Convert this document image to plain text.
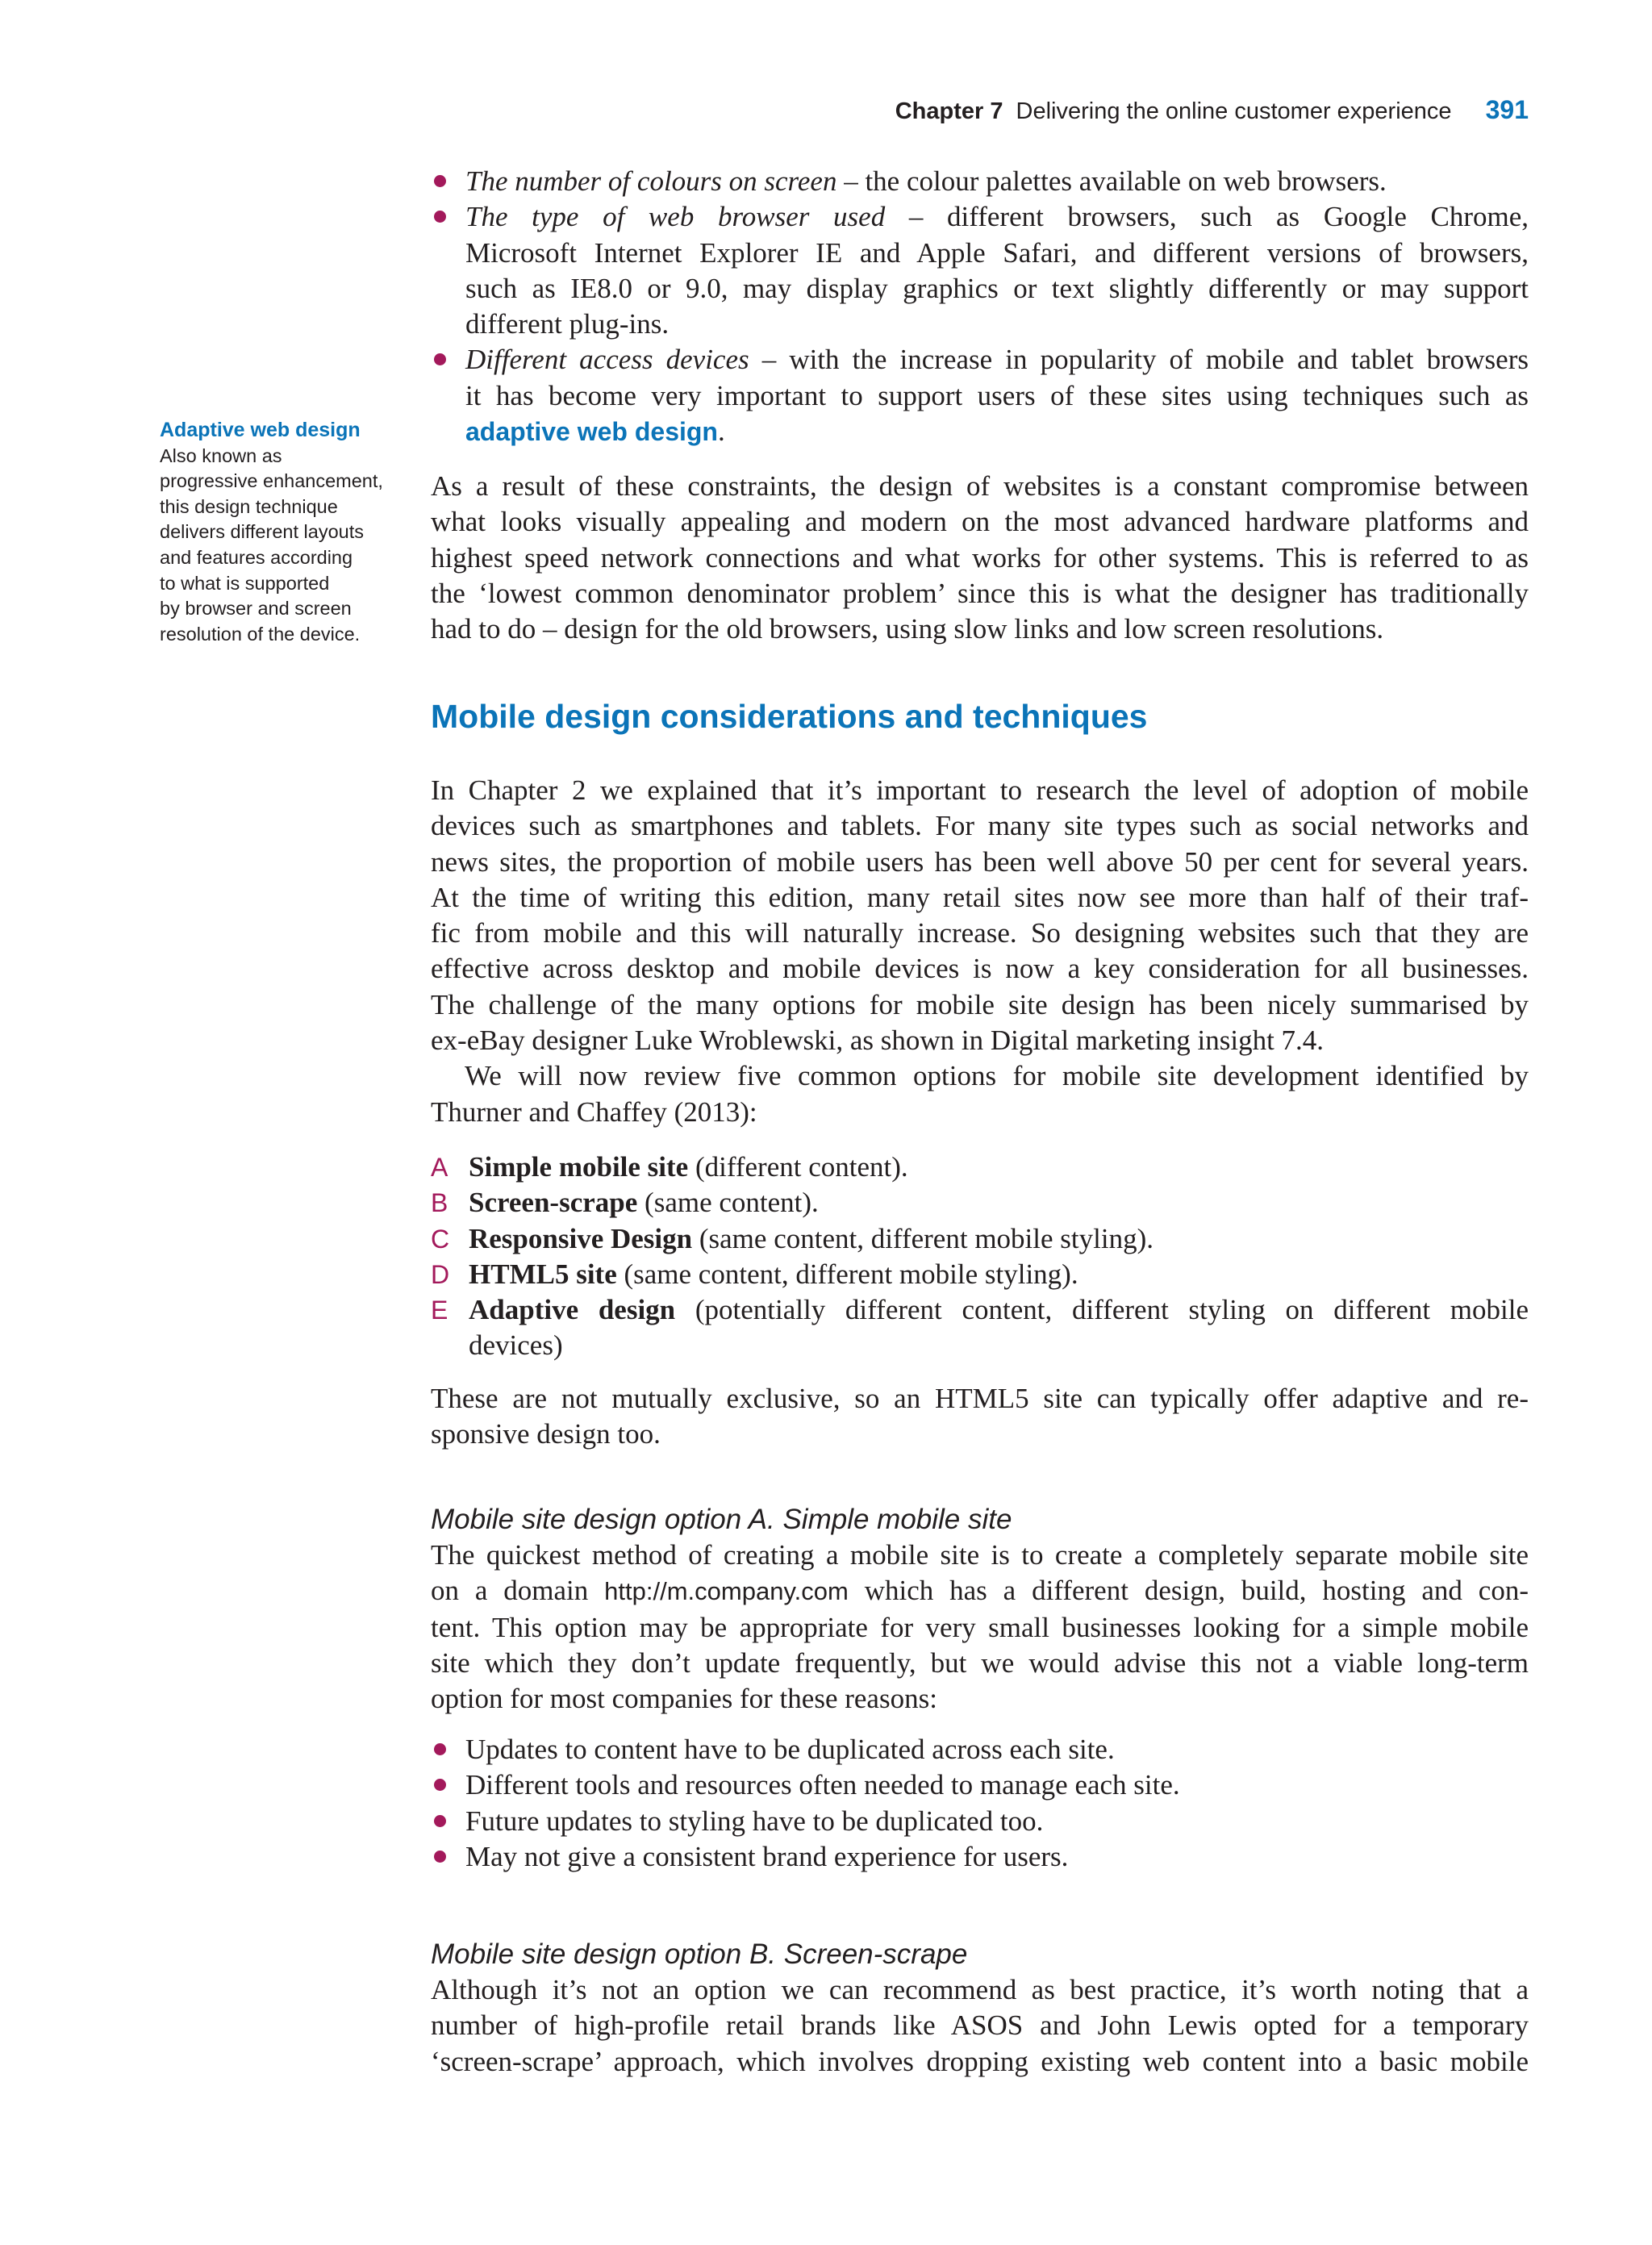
Chapter 7 Delivering the online customer experience 391
Adaptive web design
Also known as
progressive enhancement,
this design technique
delivers different layouts
and features according
to what is supported
by browser and screen
resolution of the device.
The number of colours on screen – the colour palettes available on web browsers.
The type of web browser used – different browsers, such as Google Chrome,
Microsoft Internet Explorer IE and Apple Safari, and different versions of browsers,
such as IE8.0 or 9.0, may display graphics or text slightly differently or may support
different plug-ins.
Different access devices – with the increase in popularity of mobile and tablet browsers
it has become very important to support users of these sites using techniques such as
adaptive web design.
As a result of these constraints, the design of websites is a constant compromise between
what looks visually appealing and modern on the most advanced hardware platforms and
highest speed network connections and what works for other systems. This is referred to as
the ‘lowest common denominator problem’ since this is what the designer has traditionally
had to do – design for the old browsers, using slow links and low screen resolutions.
Mobile design considerations and techniques
In Chapter 2 we explained that it’s important to research the level of adoption of mobile
devices such as smartphones and tablets. For many site types such as social networks and
news sites, the proportion of mobile users has been well above 50 per cent for several years.
At the time of writing this edition, many retail sites now see more than half of their traf-
fic from mobile and this will naturally increase. So designing websites such that they are
effective across desktop and mobile devices is now a key consideration for all businesses.
The challenge of the many options for mobile site design has been nicely summarised by
ex-eBay designer Luke Wroblewski, as shown in Digital marketing insight 7.4.
We will now review five common options for mobile site development identified by
Thurner and Chaffey (2013):
A Simple mobile site (different content).
B Screen-scrape (same content).
C Responsive Design (same content, different mobile styling).
D HTML5 site (same content, different mobile styling).
E Adaptive design (potentially different content, different styling on different mobile
devices)
These are not mutually exclusive, so an HTML5 site can typically offer adaptive and re-
sponsive design too.
Mobile site design option A. Simple mobile site
The quickest method of creating a mobile site is to create a completely separate mobile site
on a domain http://m.company.com which has a different design, build, hosting and con-
tent. This option may be appropriate for very small businesses looking for a simple mobile
site which they don’t update frequently, but we would advise this not a viable long-term
option for most companies for these reasons:
Updates to content have to be duplicated across each site.
Different tools and resources often needed to manage each site.
Future updates to styling have to be duplicated too.
May not give a consistent brand experience for users.
Mobile site design option B. Screen-scrape
Although it’s not an option we can recommend as best practice, it’s worth noting that a
number of high-profile retail brands like ASOS and John Lewis opted for a temporary
‘screen-scrape’ approach, which involves dropping existing web content into a basic mobile
